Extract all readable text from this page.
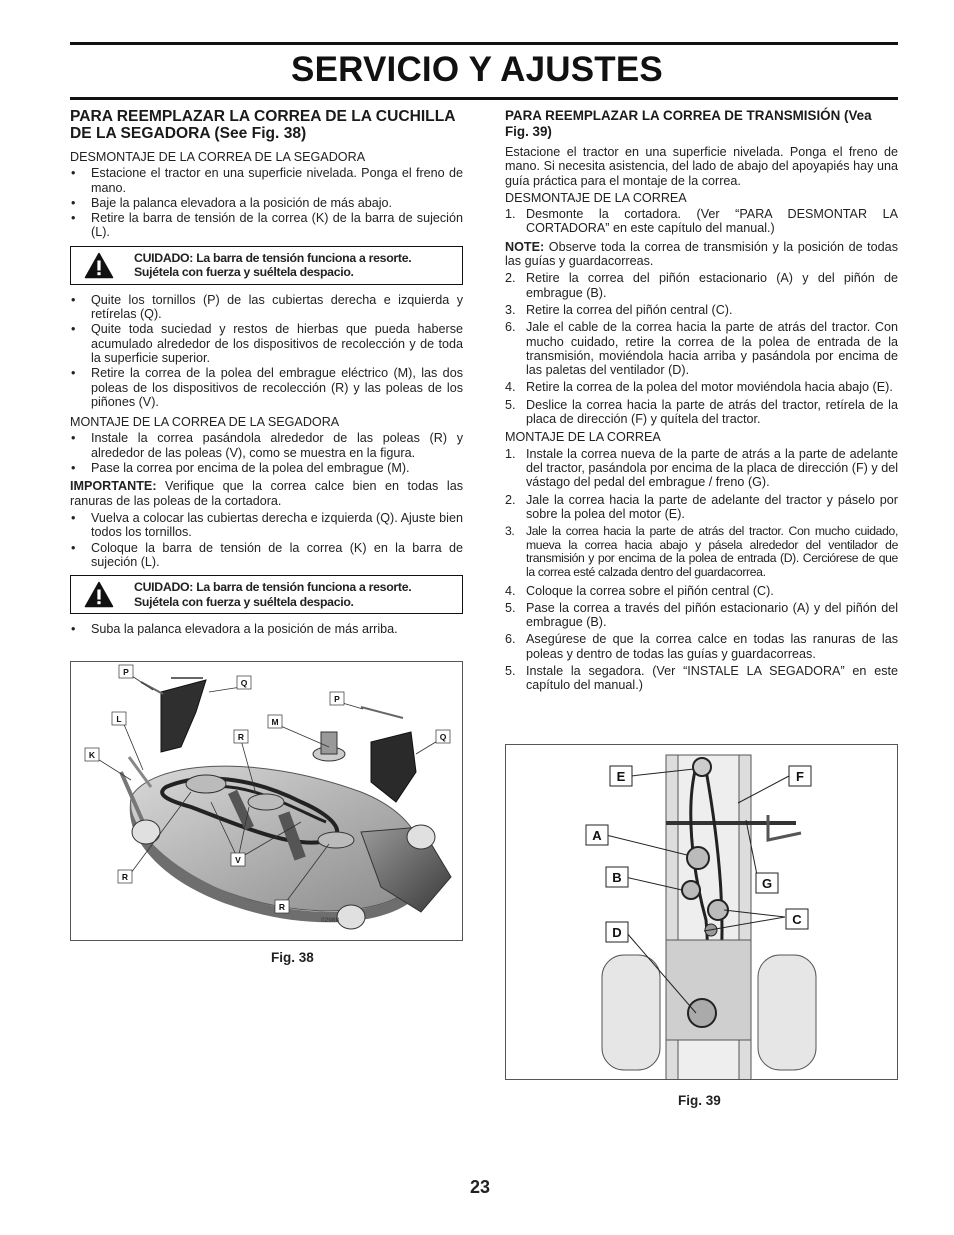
SERVICIO Y AJUSTES
PARA REEMPLAZAR LA CORREA DE LA CUCHILLA DE LA SEGADORA (See Fig. 38)

DESMONTAJE DE LA CORREA DE LA SEGADORA

• Estacione el tractor en una superficie nivelada. Ponga el freno de mano.
• Baje la palanca elevadora a la posición de más abajo.
• Retire la barra de tensión de la correa (K) de la barra de sujeción (L).
CUIDADO: La barra de tensión funciona a resorte.
Sujétela con fuerza y suéltela despacio.
• Quite los tornillos (P) de las cubiertas derecha e izquierda y retírelas (Q).
• Quite toda suciedad y restos de hierbas que pueda haberse acumulado alrededor de los dispositivos de recolección y de toda la superficie superior.
• Retire la correa de la polea del embrague eléctrico (M), las dos poleas de los dispositivos de recolección (R) y las poleas de los piñones (V).

MONTAJE DE LA CORREA DE LA SEGADORA

• Instale la correa pasándola alrededor de las poleas (R) y alrededor de las poleas (V), como se muestra en la figura.
• Pase la correa por encima de la polea del embrague (M).

IMPORTANTE: Verifique que la correa calce bien en todas las ranuras de las poleas de la cortadora.

• Vuelva a colocar las cubiertas derecha e izquierda (Q). Ajuste bien todos los tornillos.
• Coloque la barra de tensión de la correa (K) en la barra de sujeción (L).
CUIDADO: La barra de tensión funciona a resorte.
Sujétela con fuerza y suéltela despacio.
• Suba la palanca elevadora a la posición de más arriba.
P
Q
P
L	M
R	Q
K
V
R
R
02988
Fig. 38
PARA REEMPLAZAR LA CORREA DE TRANSMISIÓN (Vea Fig. 39)

Estacione el tractor en una superficie nivelada. Ponga el freno de mano. Si necesita asistencia, del lado de abajo del apoyapiés hay una guía práctica para el montaje de la correa.

DESMONTAJE DE LA CORREA

1. Desmonte la cortadora. (Ver “PARA DESMONTAR LA CORTADORA” en este capítulo del manual.)

NOTE: Observe toda la correa de transmisión y la posición de todas las guías y guardacorreas.

2. Retire la correa del piñón estacionario (A) y del piñón de embrague (B).
3. Retire la correa del piñón central (C).
6. Jale el cable de la correa hacia la parte de atrás del tractor. Con mucho cuidado, retire la correa de la polea de entrada de la transmisión, moviéndola hacia arriba y pasándola por encima de las paletas del ventilador (D).
4. Retire la correa de la polea del motor moviéndola hacia abajo (E).
5. Deslice la correa hacia la parte de atrás del tractor, retírela de la placa de dirección (F) y quítela del tractor.

MONTAJE DE LA CORREA

1. Instale la correa nueva de la parte de atrás a la parte de adelante del tractor, pasándola por encima de la placa de dirección (F) y del vástago del pedal del embrague / freno (G).
2. Jale la correa hacia la parte de adelante del tractor y páselo por sobre la polea del motor (E).
3. Jale la correa hacia la parte de atrás del tractor. Con mucho cuidado, mueva la correa hacia abajo y pásela alrededor del ventilador de transmisión y por encima de la polea de entrada (D). Cerciórese de que la correa esté calzada dentro del guardacorrea.
4. Coloque la correa sobre el piñón central (C).
5. Pase la correa a través del piñón estacionario (A) y del piñón del embrague (B).
6. Asegúrese de que la correa calce en todas las ranuras de las poleas y dentro de todas las guías y guardacorreas.
5. Instale la segadora. (Ver “INSTALE LA SEGADORA” en este capítulo del manual.)
E	F
A
B	G
C
D
Fig. 39
23
